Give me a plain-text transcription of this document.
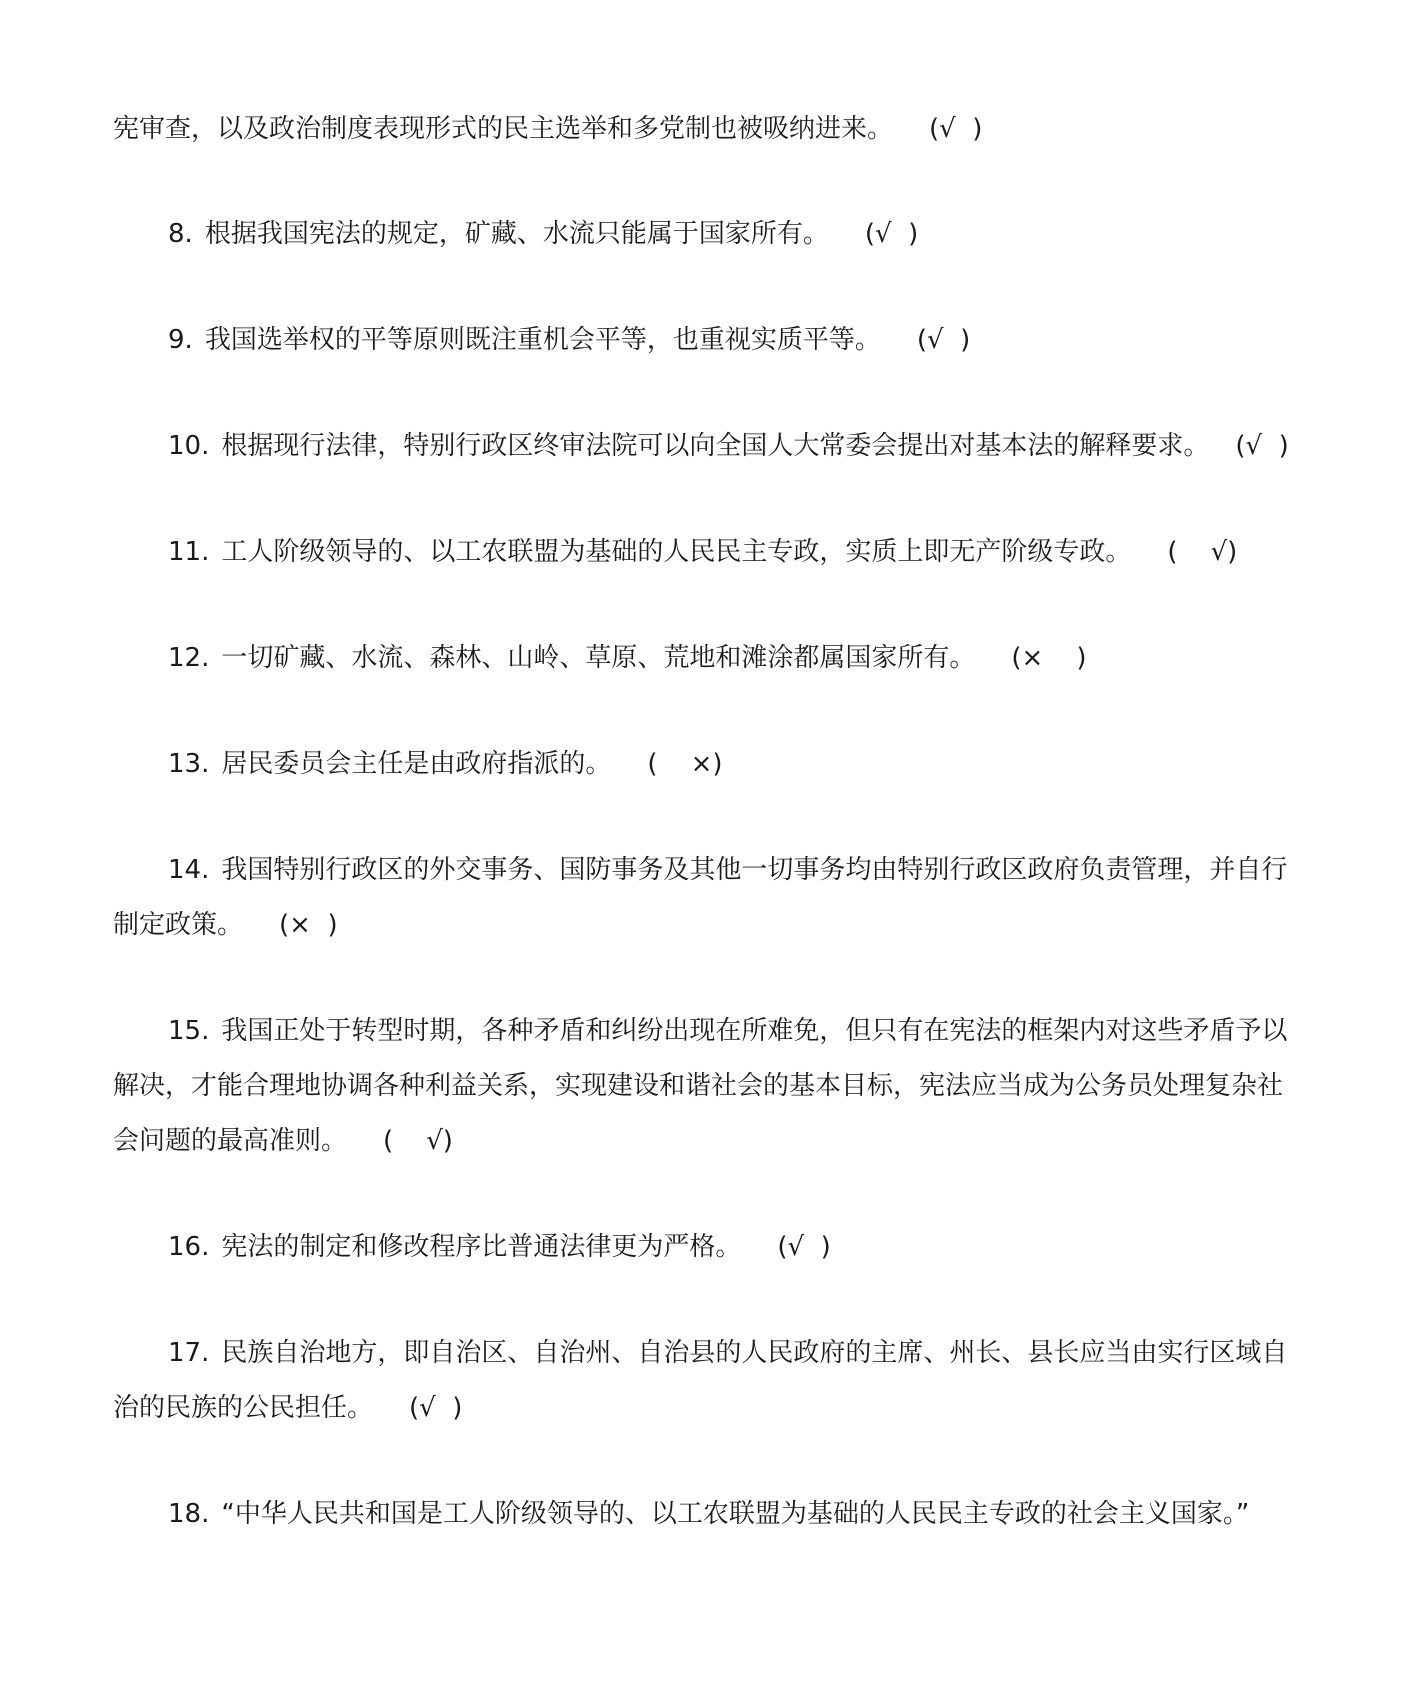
宪审查，以及政治制度表现形式的民主选举和多党制也被吸纳进来。 (√  )

8. 根据我国宪法的规定，矿藏、水流只能属于国家所有。 (√  )

9. 我国选举权的平等原则既注重机会平等，也重视实质平等。 (√  )

10. 根据现行法律，特别行政区终审法院可以向全国人大常委会提出对基本法的解释要求。 (√  )

11. 工人阶级领导的、以工农联盟为基础的人民民主专政，实质上即无产阶级专政。 (    √)

12. 一切矿藏、水流、森林、山岭、草原、荒地和滩涂都属国家所有。 (×    )

13. 居民委员会主任是由政府指派的。 (    ×)

14. 我国特别行政区的外交事务、国防事务及其他一切事务均由特别行政区政府负责管理，并自行制定政策。 (×  )

15. 我国正处于转型时期，各种矛盾和纠纷出现在所难免，但只有在宪法的框架内对这些矛盾予以解决，才能合理地协调各种利益关系，实现建设和谐社会的基本目标，宪法应当成为公务员处理复杂社会问题的最高准则。 (    √)

16. 宪法的制定和修改程序比普通法律更为严格。 (√  )

17. 民族自治地方，即自治区、自治州、自治县的人民政府的主席、州长、县长应当由实行区域自治的民族的公民担任。 (√  )

18. “中华人民共和国是工人阶级领导的、以工农联盟为基础的人民民主专政的社会主义国家。”
